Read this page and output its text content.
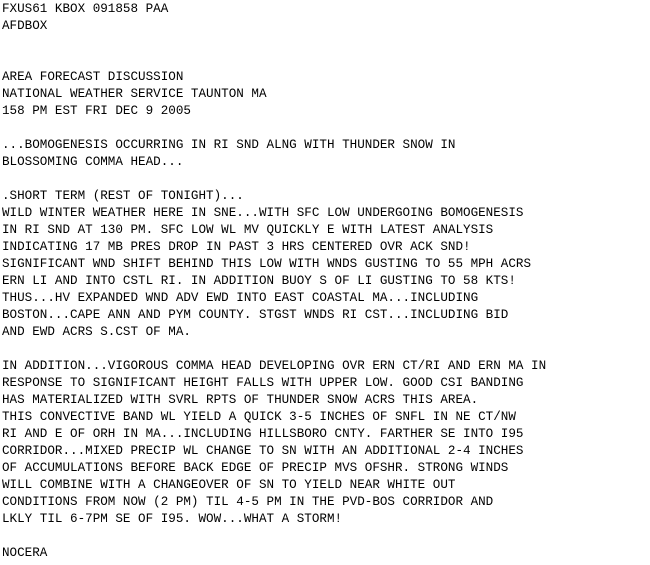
FXUS61 KBOX 091858 PAA
AFDBOX
AREA FORECAST DISCUSSION
NATIONAL WEATHER SERVICE TAUNTON MA
158 PM EST FRI DEC 9 2005
...BOMOGENESIS OCCURRING IN RI SND ALNG WITH THUNDER SNOW IN
BLOSSOMING COMMA HEAD...
.SHORT TERM (REST OF TONIGHT)...
WILD WINTER WEATHER HERE IN SNE...WITH SFC LOW UNDERGOING BOMOGENESIS
IN RI SND AT 130 PM. SFC LOW WL MV QUICKLY E WITH LATEST ANALYSIS
INDICATING 17 MB PRES DROP IN PAST 3 HRS CENTERED OVR ACK SND!
SIGNIFICANT WND SHIFT BEHIND THIS LOW WITH WNDS GUSTING TO 55 MPH ACRS
ERN LI AND INTO CSTL RI. IN ADDITION BUOY S OF LI GUSTING TO 58 KTS!
THUS...HV EXPANDED WND ADV EWD INTO EAST COASTAL MA...INCLUDING
BOSTON...CAPE ANN AND PYM COUNTY. STGST WNDS RI CST...INCLUDING BID
AND EWD ACRS S.CST OF MA.
IN ADDITION...VIGOROUS COMMA HEAD DEVELOPING OVR ERN CT/RI AND ERN MA IN
RESPONSE TO SIGNIFICANT HEIGHT FALLS WITH UPPER LOW. GOOD CSI BANDING
HAS MATERIALIZED WITH SVRL RPTS OF THUNDER SNOW ACRS THIS AREA.
THIS CONVECTIVE BAND WL YIELD A QUICK 3-5 INCHES OF SNFL IN NE CT/NW
RI AND E OF ORH IN MA...INCLUDING HILLSBORO CNTY. FARTHER SE INTO I95
CORRIDOR...MIXED PRECIP WL CHANGE TO SN WITH AN ADDITIONAL 2-4 INCHES
OF ACCUMULATIONS BEFORE BACK EDGE OF PRECIP MVS OFSHR. STRONG WINDS
WILL COMBINE WITH A CHANGEOVER OF SN TO YIELD NEAR WHITE OUT
CONDITIONS FROM NOW (2 PM) TIL 4-5 PM IN THE PVD-BOS CORRIDOR AND
LKLY TIL 6-7PM SE OF I95. WOW...WHAT A STORM!
NOCERA
